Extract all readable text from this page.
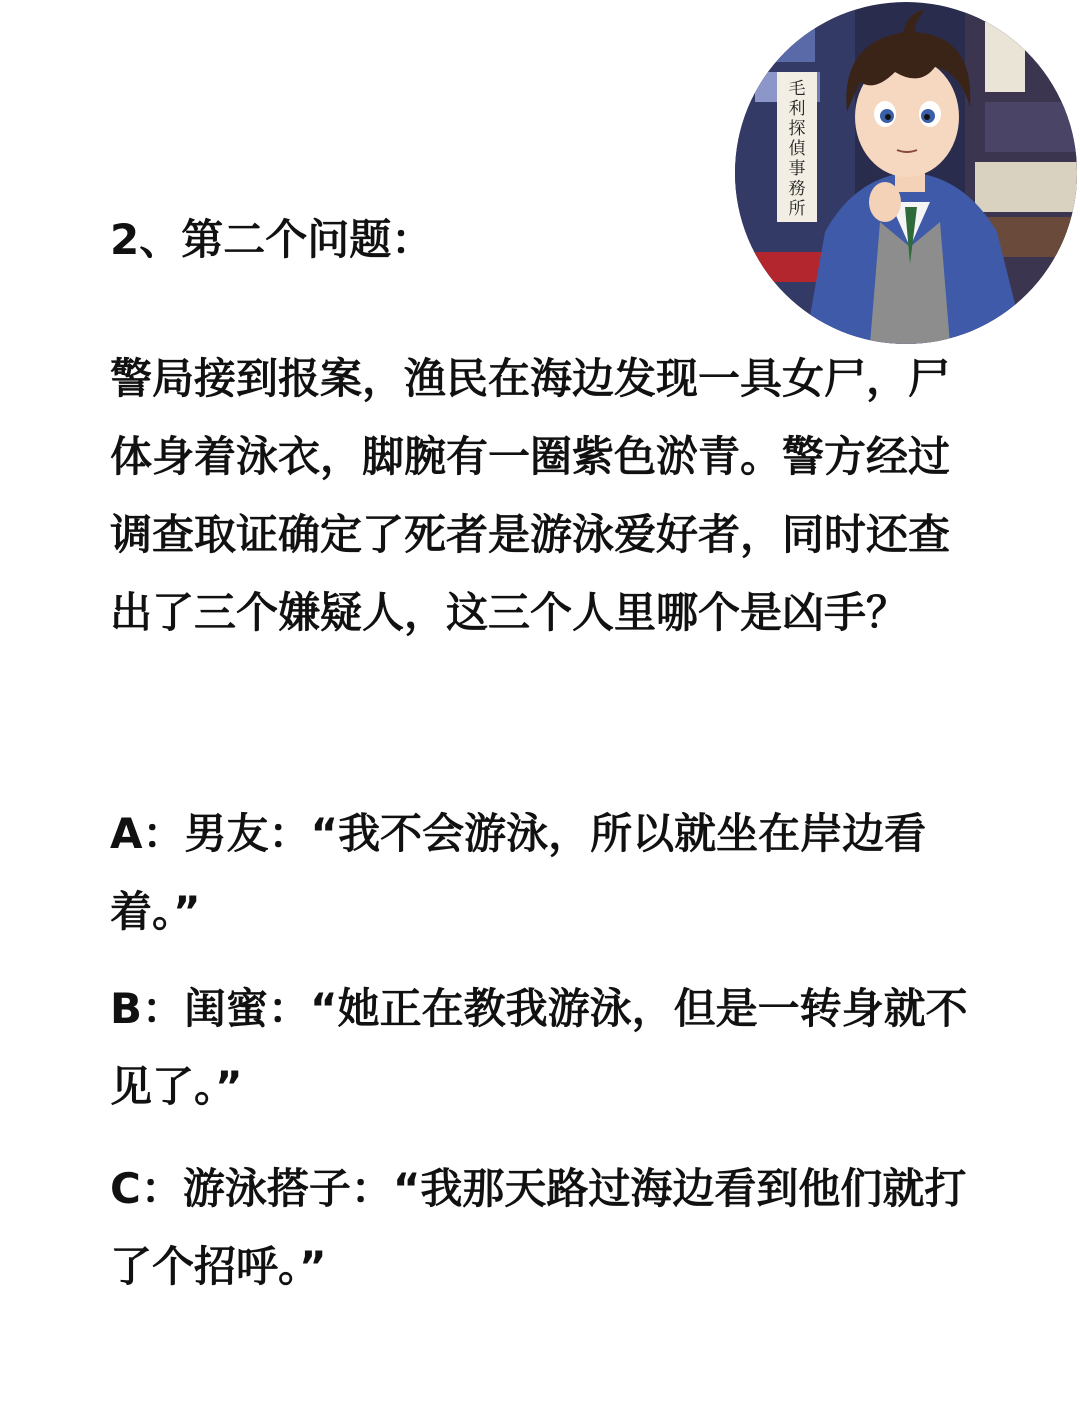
毛
利
探
偵
事
務
所
2、第二个问题：

警局接到报案，渔民在海边发现一具女尸，尸体身着泳衣，脚腕有一圈紫色淤青。警方经过调查取证确定了死者是游泳爱好者，同时还查出了三个嫌疑人，这三个人里哪个是凶手？

A：男友：“我不会游泳，所以就坐在岸边看着。”

B：闺蜜：“她正在教我游泳，但是一转身就不见了。”

C：游泳搭子：“我那天路过海边看到他们就打了个招呼。”
